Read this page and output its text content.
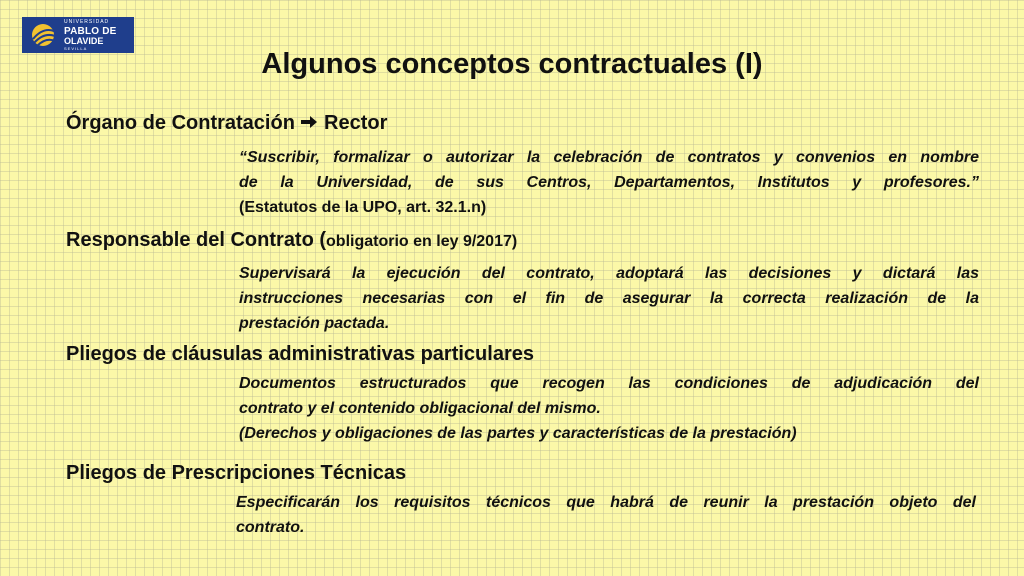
UNIVERSIDAD
PABLO DE
OLAVIDE
SEVILLA	Algunos conceptos contractuales (I)
Órgano de Contratación Rector
“Suscribir, formalizar o autorizar la celebración de contratos y convenios en nombre
de la Universidad, de sus Centros, Departamentos, Institutos y profesores.”
(Estatutos de la UPO, art. 32.1.n)
Responsable del Contrato (obligatorio en ley 9/2017)
Supervisará la ejecución del contrato, adoptará las decisiones y dictará las
instrucciones necesarias con el fin de asegurar la correcta realización de la
prestación pactada.
Pliegos de cláusulas administrativas particulares
Documentos estructurados que recogen las condiciones de adjudicación del
contrato y el contenido obligacional del mismo.
(Derechos y obligaciones de las partes y características de la prestación)
Pliegos de Prescripciones Técnicas
Especificarán los requisitos técnicos que habrá de reunir la prestación objeto del
contrato.
